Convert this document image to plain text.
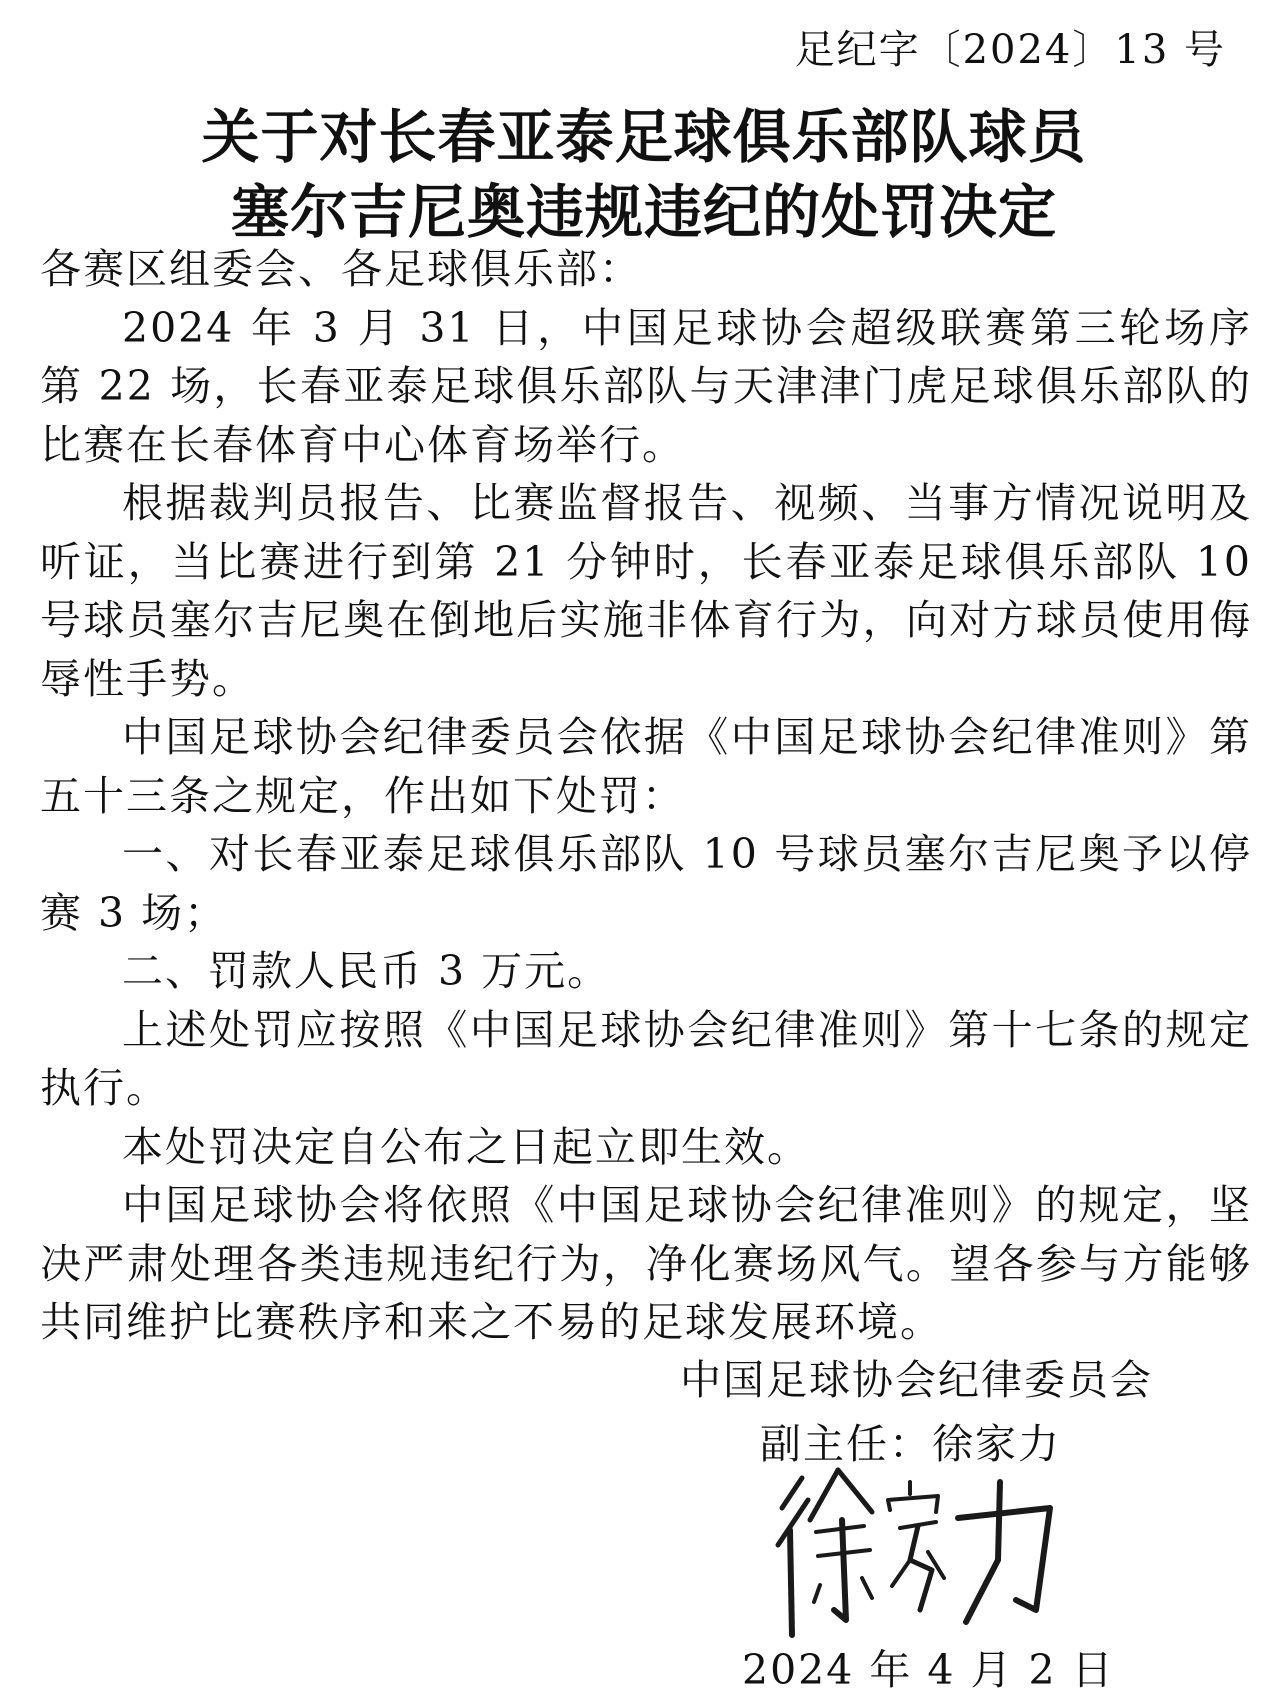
足纪字〔2024〕13 号
关于对长春亚泰足球俱乐部队球员
塞尔吉尼奥违规违纪的处罚决定

各赛区组委会、各足球俱乐部：

2024 年 3 月 31 日，中国足球协会超级联赛第三轮场序第 22 场，长春亚泰足球俱乐部队与天津津门虎足球俱乐部队的比赛在长春体育中心体育场举行。

根据裁判员报告、比赛监督报告、视频、当事方情况说明及听证，当比赛进行到第 21 分钟时，长春亚泰足球俱乐部队 10 号球员塞尔吉尼奥在倒地后实施非体育行为，向对方球员使用侮辱性手势。

中国足球协会纪律委员会依据《中国足球协会纪律准则》第五十三条之规定，作出如下处罚：

一、对长春亚泰足球俱乐部队 10 号球员塞尔吉尼奥予以停赛 3 场；

二、罚款人民币 3 万元。

上述处罚应按照《中国足球协会纪律准则》第十七条的规定执行。

本处罚决定自公布之日起立即生效。

中国足球协会将依照《中国足球协会纪律准则》的规定，坚决严肃处理各类违规违纪行为，净化赛场风气。望各参与方能够共同维护比赛秩序和来之不易的足球发展环境。

中国足球协会纪律委员会
副主任：徐家力
2024 年 4 月 2 日
